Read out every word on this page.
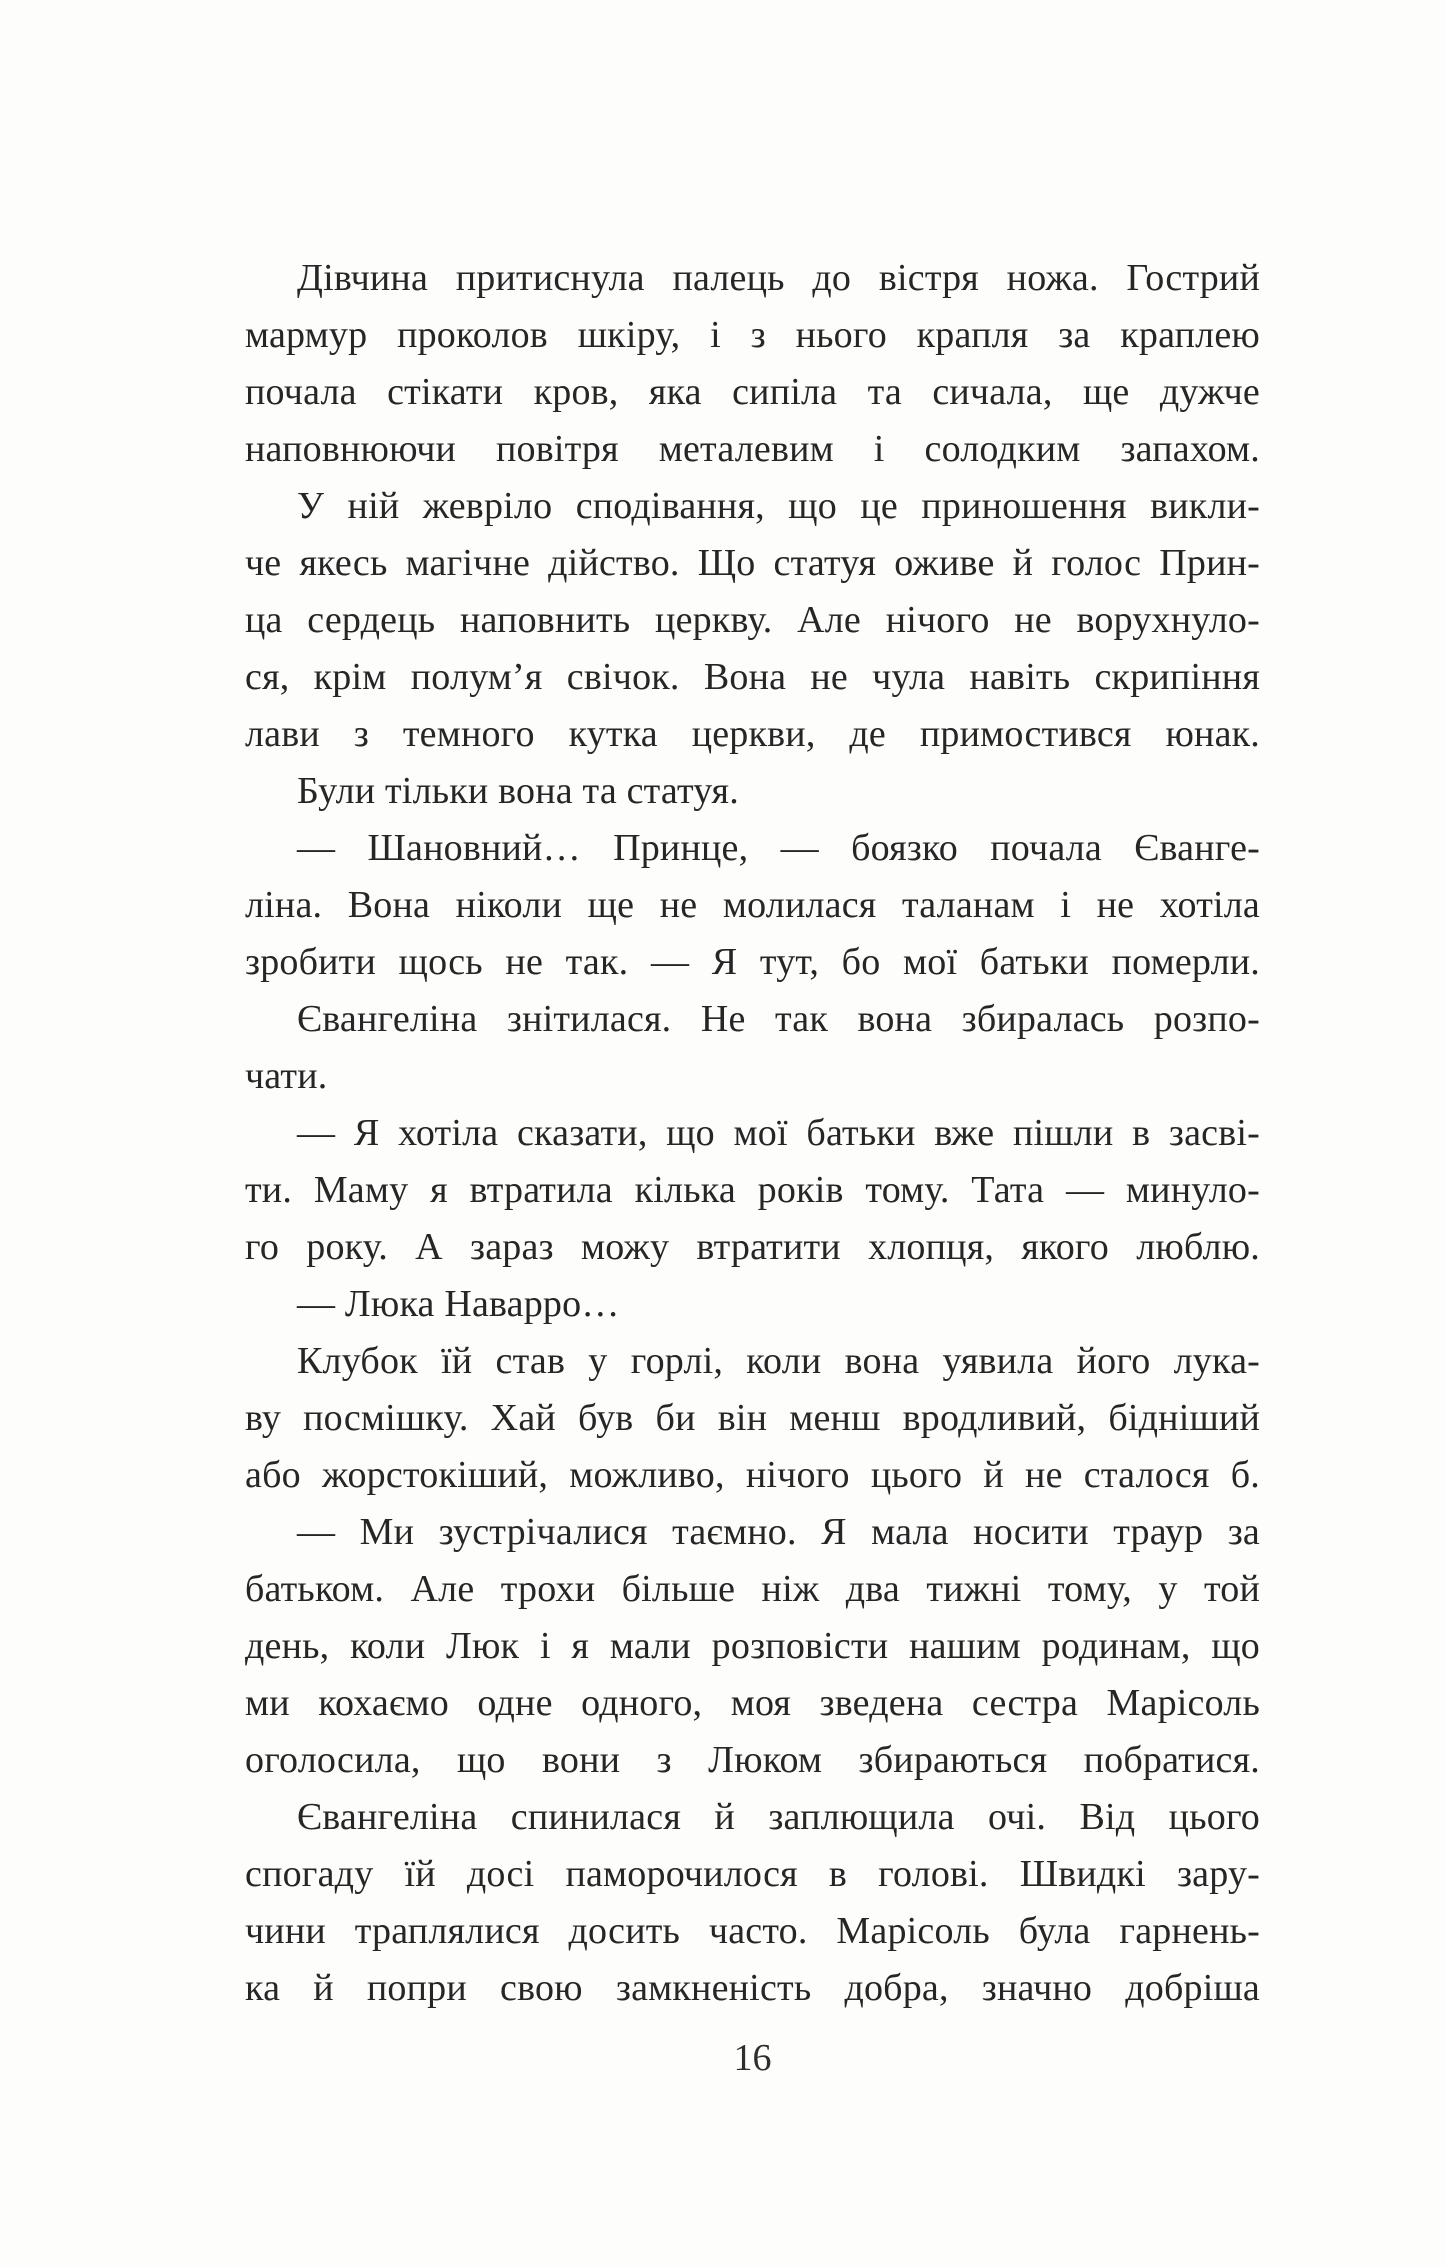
Дівчина притиснула палець до вістря ножа. Гострий
мармур проколов шкіру, і з нього крапля за краплею
почала стікати кров, яка сипіла та сичала, ще дужче
наповнюючи повітря металевим і солодким запахом.
У ній жевріло сподівання, що це приношення викли-
че якесь магічне дійство. Що статуя оживе й голос Прин-
ца сердець наповнить церкву. Але нічого не ворухнуло-
ся, крім полум’я свічок. Вона не чула навіть скрипіння
лави з темного кутка церкви, де примостився юнак.
Були тільки вона та статуя.
— Шановний… Принце, — боязко почала Єванге-
ліна. Вона ніколи ще не молилася таланам і не хотіла
зробити щось не так. — Я тут, бо мої батьки померли.
Євангеліна знітилася. Не так вона збиралась розпо-
чати.
— Я хотіла сказати, що мої батьки вже пішли в засві-
ти. Маму я втратила кілька років тому. Тата — минуло-
го року. А зараз можу втратити хлопця, якого люблю.
— Люка Наварро…
Клубок їй став у горлі, коли вона уявила його лука-
ву посмішку. Хай був би він менш вродливий, бідніший
або жорстокіший, можливо, нічого цього й не сталося б.
— Ми зустрічалися таємно. Я мала носити траур за
батьком. Але трохи більше ніж два тижні тому, у той
день, коли Люк і я мали розповісти нашим родинам, що
ми кохаємо одне одного, моя зведена сестра Марісоль
оголосила, що вони з Люком збираються побратися.
Євангеліна спинилася й заплющила очі. Від цього
спогаду їй досі паморочилося в голові. Швидкі зару-
чини траплялися досить часто. Марісоль була гарнень-
ка й попри свою замкненість добра, значно добріша
16
